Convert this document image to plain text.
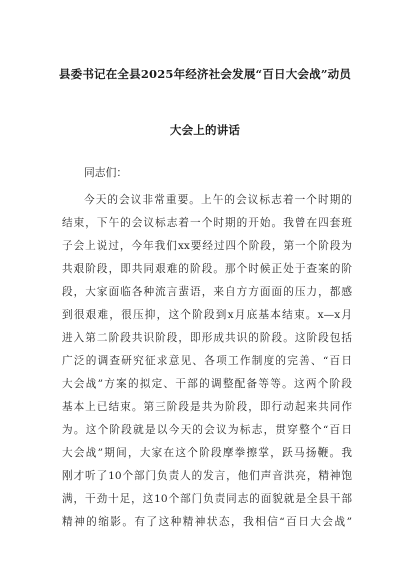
县委书记在全县2025年经济社会发展“百日大会战”动员
大会上的讲话
同志们：
今天的会议非常重要。上午的会议标志着一个时期的
结束，下午的会议标志着一个时期的开始。我曾在四套班
子会上说过，今年我们xx要经过四个阶段，第一个阶段为
共艰阶段，即共同艰难的阶段。那个时候正处于查案的阶
段，大家面临各种流言蜚语，来自方方面面的压力，都感
到很艰难，很压抑，这个阶段到x月底基本结束。x—x月
进入第二阶段共识阶段，即形成共识的阶段。这阶段包括
广泛的调查研究征求意见、各项工作制度的完善、“百日
大会战”方案的拟定、干部的调整配备等等。这两个阶段
基本上已结束。第三阶段是共为阶段，即行动起来共同作
为。这个阶段就是以今天的会议为标志，贯穿整个“百日
大会战”期间，大家在这个阶段摩拳擦掌，跃马扬鞭。我
刚才听了10个部门负责人的发言，他们声音洪亮，精神饱
满，干劲十足，这10个部门负责同志的面貌就是全县干部
精神的缩影。有了这种精神状态，我相信“百日大会战”
